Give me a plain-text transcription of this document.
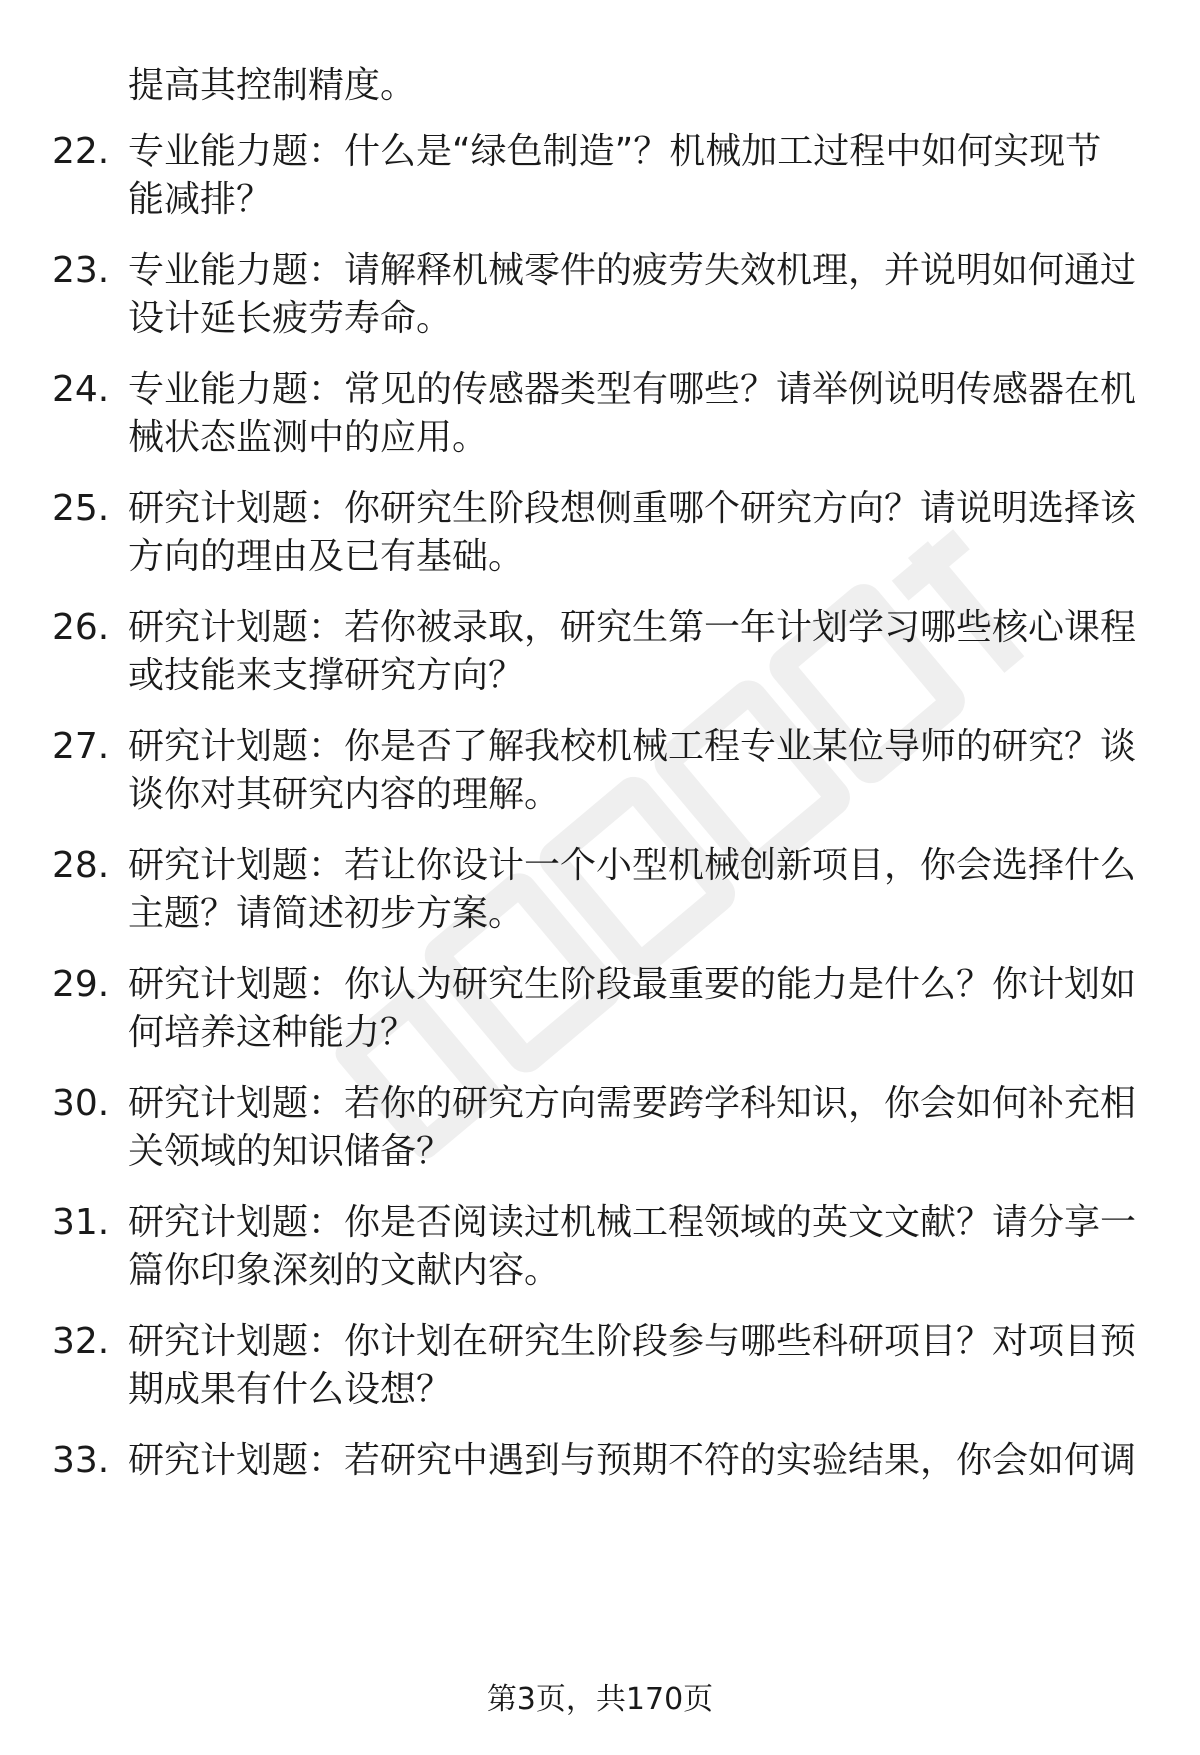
提高其控制精度。
22. 专业能力题：什么是“绿色制造”？机械加工过程中如何实现节
能减排？
23. 专业能力题：请解释机械零件的疲劳失效机理，并说明如何通过
设计延长疲劳寿命。
24. 专业能力题：常见的传感器类型有哪些？请举例说明传感器在机
械状态监测中的应用。
25. 研究计划题：你研究生阶段想侧重哪个研究方向？请说明选择该
方向的理由及已有基础。
26. 研究计划题：若你被录取，研究生第一年计划学习哪些核心课程
或技能来支撑研究方向？
27. 研究计划题：你是否了解我校机械工程专业某位导师的研究？谈
谈你对其研究内容的理解。
28. 研究计划题：若让你设计一个小型机械创新项目，你会选择什么
主题？请简述初步方案。
29. 研究计划题：你认为研究生阶段最重要的能力是什么？你计划如
何培养这种能力？
30. 研究计划题：若你的研究方向需要跨学科知识，你会如何补充相
关领域的知识储备？
31. 研究计划题：你是否阅读过机械工程领域的英文文献？请分享一
篇你印象深刻的文献内容。
32. 研究计划题：你计划在研究生阶段参与哪些科研项目？对项目预
期成果有什么设想？
33. 研究计划题：若研究中遇到与预期不符的实验结果，你会如何调
第3页，共170页
